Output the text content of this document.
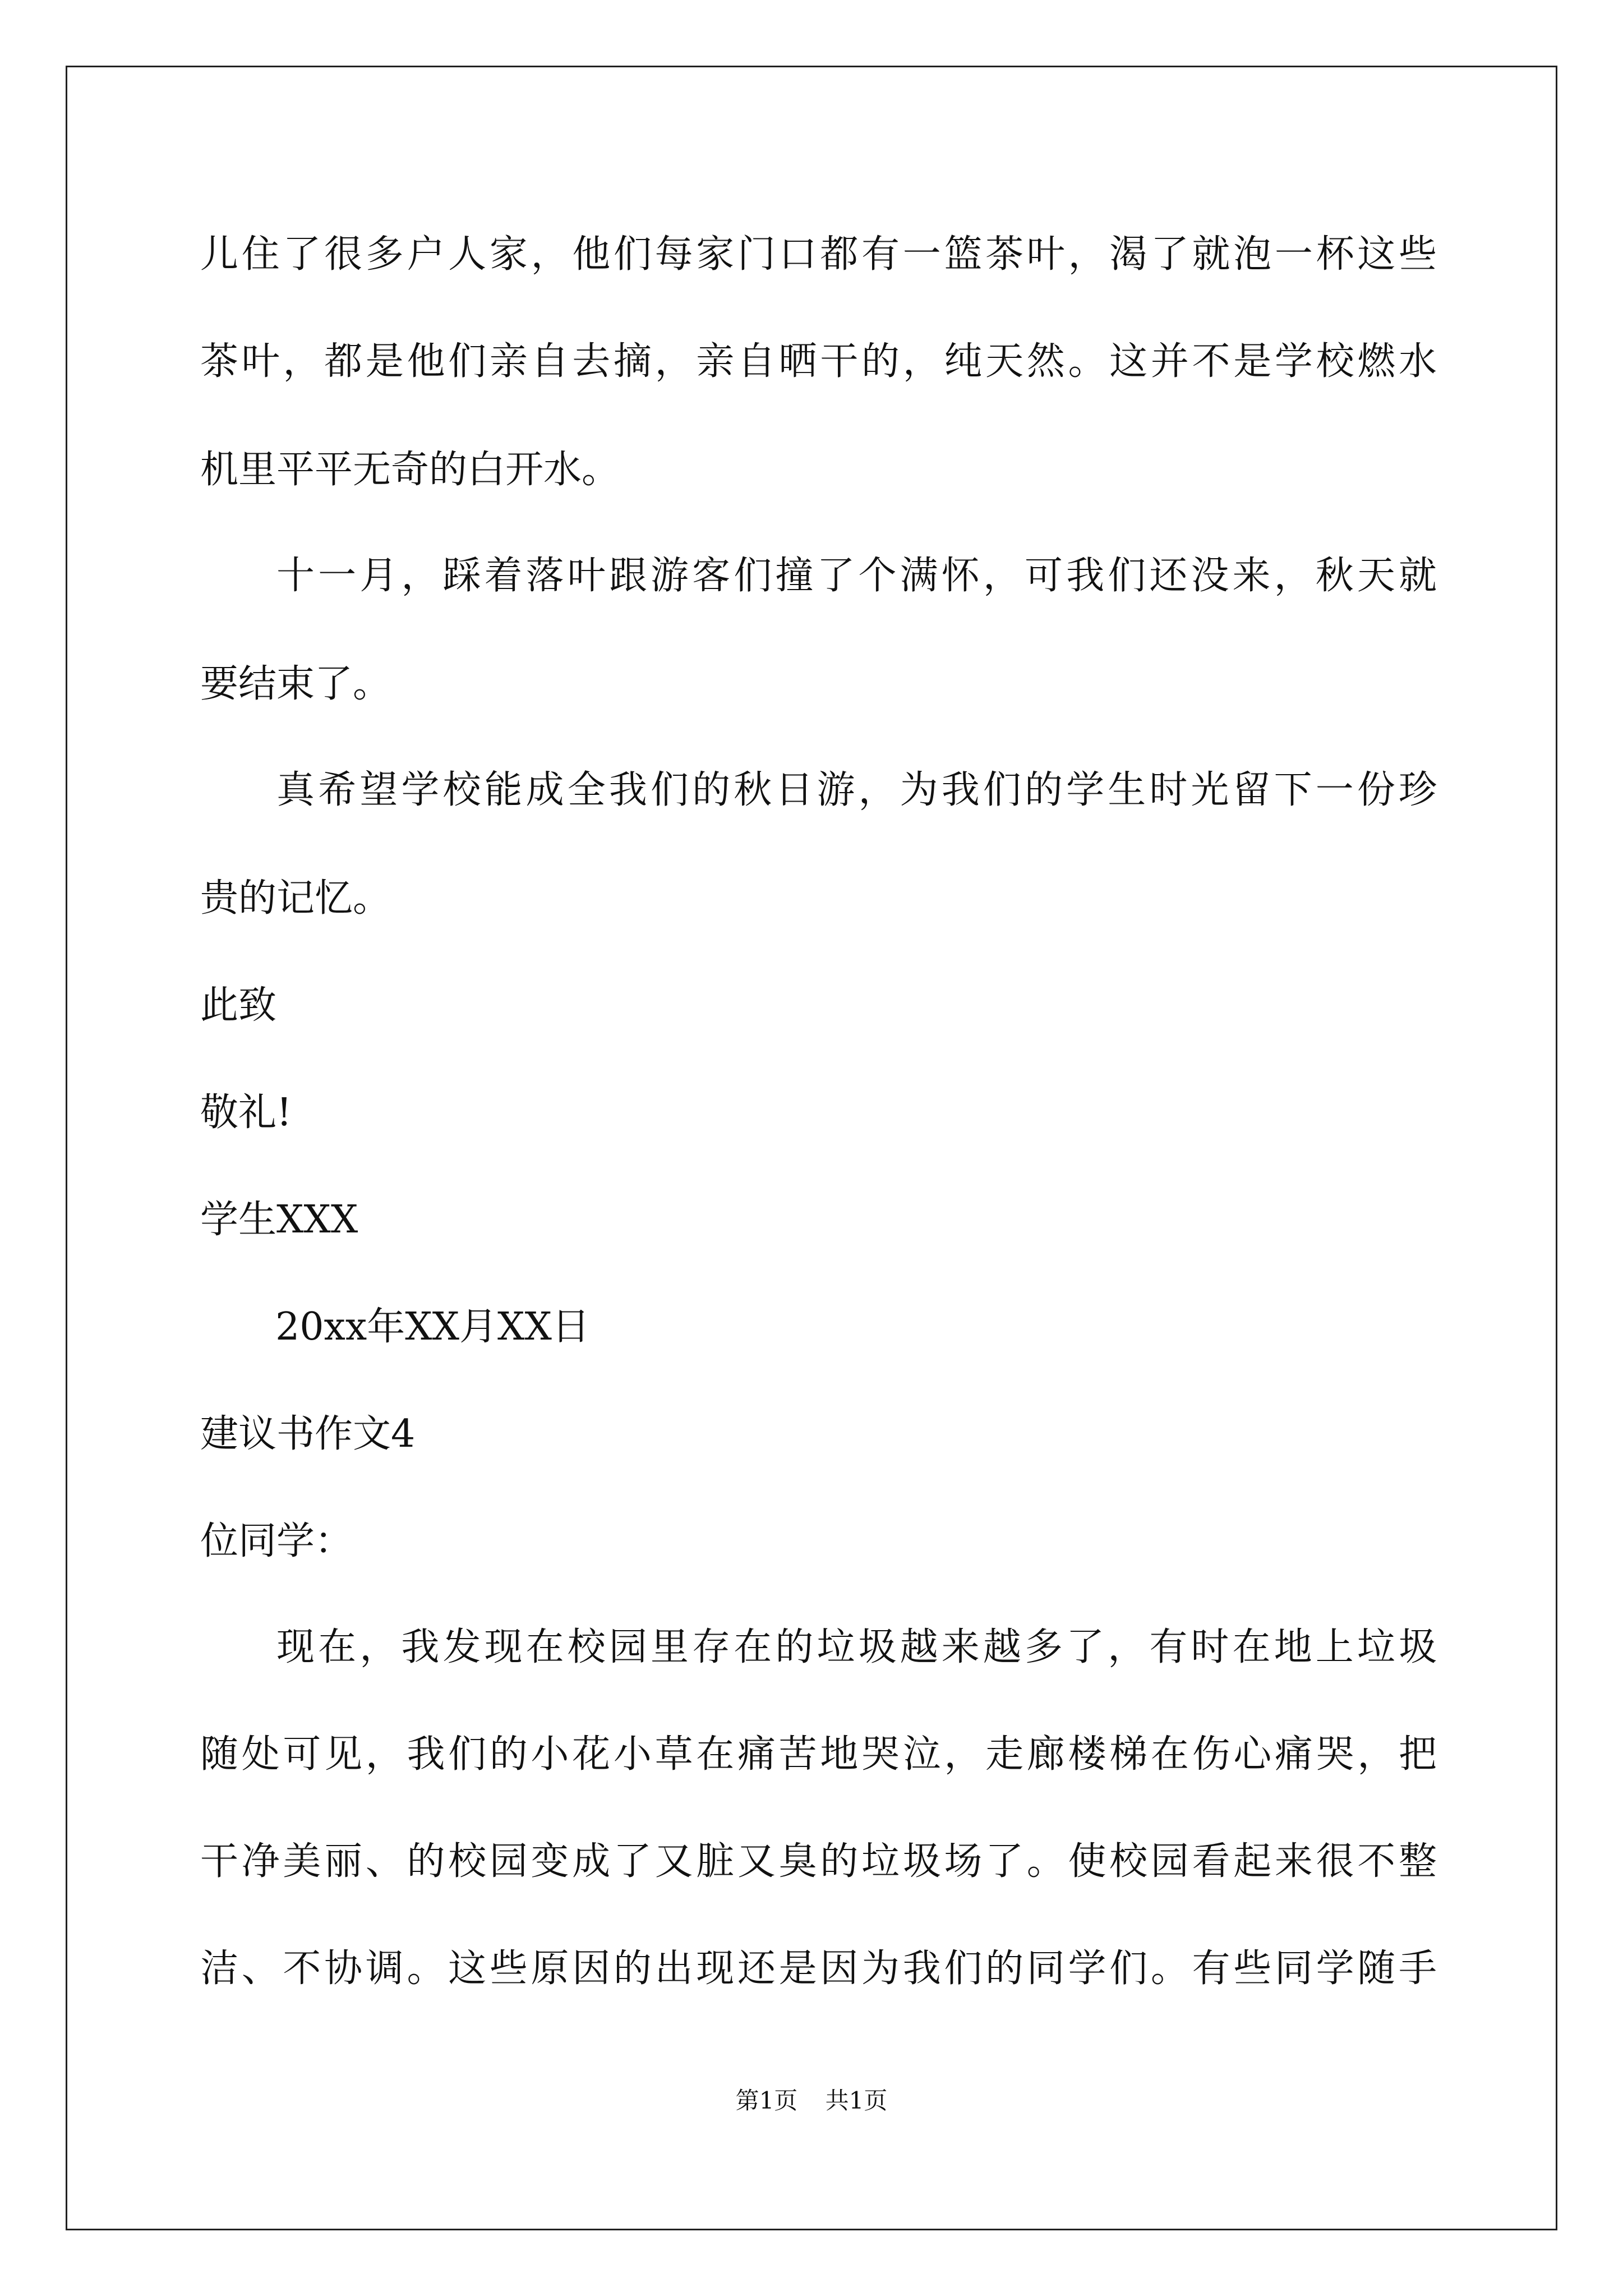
儿住了很多户人家，他们每家门口都有一篮茶叶，渴了就泡一杯这些
茶叶，都是他们亲自去摘，亲自晒干的，纯天然。这并不是学校燃水
机里平平无奇的白开水。
十一月，踩着落叶跟游客们撞了个满怀，可我们还没来，秋天就
要结束了。
真希望学校能成全我们的秋日游，为我们的学生时光留下一份珍
贵的记忆。
此致
敬礼!
学生XXX
20xx年XX月XX日
建议书作文4
位同学：
现在，我发现在校园里存在的垃圾越来越多了，有时在地上垃圾
随处可见，我们的小花小草在痛苦地哭泣，走廊楼梯在伤心痛哭，把
干净美丽、的校园变成了又脏又臭的垃圾场了。使校园看起来很不整
洁、不协调。这些原因的出现还是因为我们的同学们。有些同学随手
第1页 共1页
